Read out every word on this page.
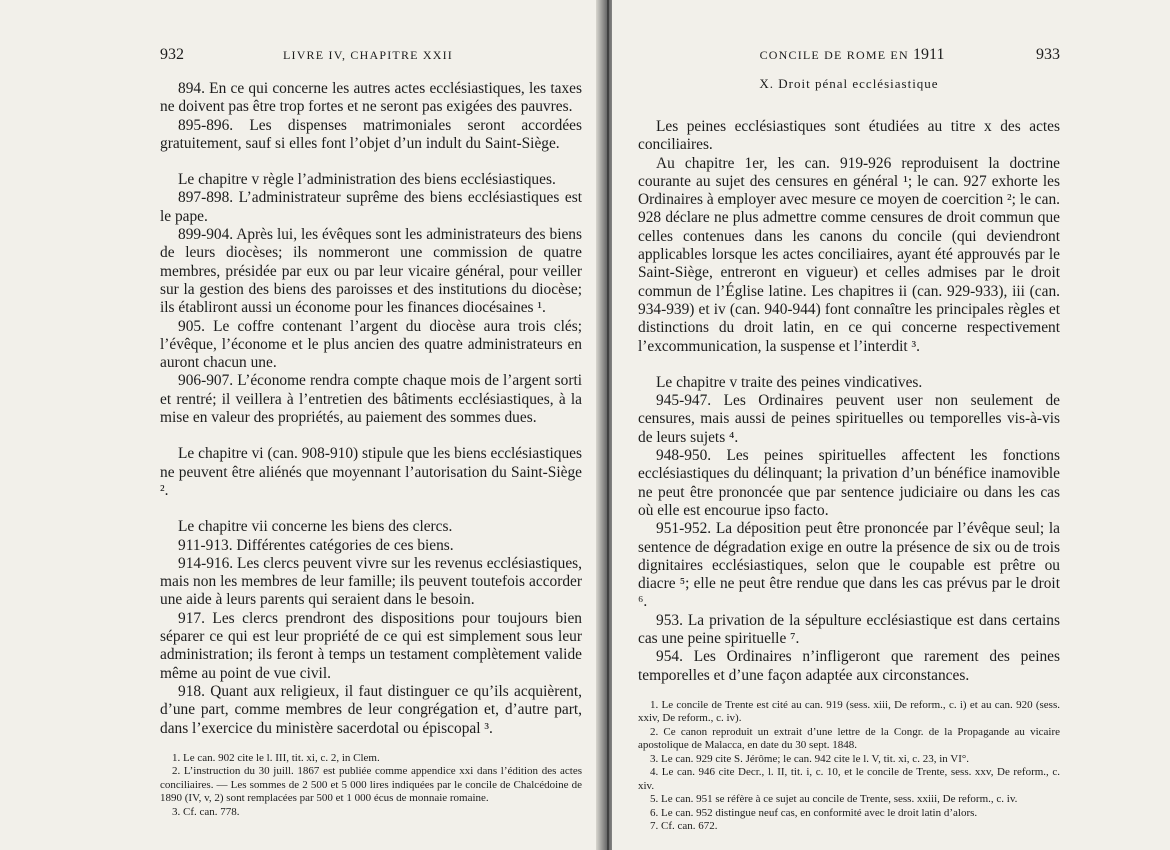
932	LIVRE IV, CHAPITRE XXII

894. En ce qui concerne les autres actes ecclésiastiques, les taxes ne doivent pas être trop fortes et ne seront pas exigées des pauvres.

895-896. Les dispenses matrimoniales seront accordées gratuitement, sauf si elles font l’objet d’un indult du Saint-Siège.

Le chapitre v règle l’administration des biens ecclésiastiques.

897-898. L’administrateur suprême des biens ecclésiastiques est le pape.

899-904. Après lui, les évêques sont les administrateurs des biens de leurs diocèses; ils nommeront une commission de quatre membres, présidée par eux ou par leur vicaire général, pour veiller sur la gestion des biens des paroisses et des institutions du diocèse; ils établiront aussi un économe pour les finances diocésaines ¹.

905. Le coffre contenant l’argent du diocèse aura trois clés; l’évêque, l’économe et le plus ancien des quatre administrateurs en auront chacun une.

906-907. L’économe rendra compte chaque mois de l’argent sorti et rentré; il veillera à l’entretien des bâtiments ecclésiastiques, à la mise en valeur des propriétés, au paiement des sommes dues.

Le chapitre vi (can. 908-910) stipule que les biens ecclésiastiques ne peuvent être aliénés que moyennant l’autorisation du Saint-Siège ².

Le chapitre vii concerne les biens des clercs.

911-913. Différentes catégories de ces biens.

914-916. Les clercs peuvent vivre sur les revenus ecclésiastiques, mais non les membres de leur famille; ils peuvent toutefois accorder une aide à leurs parents qui seraient dans le besoin.

917. Les clercs prendront des dispositions pour toujours bien séparer ce qui est leur propriété de ce qui est simplement sous leur administration; ils feront à temps un testament complètement valide même au point de vue civil.

918. Quant aux religieux, il faut distinguer ce qu’ils acquièrent, d’une part, comme membres de leur congrégation et, d’autre part, dans l’exercice du ministère sacerdotal ou épiscopal ³.

1. Le can. 902 cite le l. III, tit. xi, c. 2, in Clem.

2. L’instruction du 30 juill. 1867 est publiée comme appendice xxi dans l’édition des actes conciliaires. — Les sommes de 2 500 et 5 000 lires indiquées par le concile de Chalcédoine de 1890 (IV, v, 2) sont remplacées par 500 et 1 000 écus de monnaie romaine.

3. Cf. can. 778.

CONCILE DE ROME EN 1911	933
X. Droit pénal ecclésiastique

Les peines ecclésiastiques sont étudiées au titre x des actes conciliaires.

Au chapitre 1er, les can. 919-926 reproduisent la doctrine courante au sujet des censures en général ¹; le can. 927 exhorte les Ordinaires à employer avec mesure ce moyen de coercition ²; le can. 928 déclare ne plus admettre comme censures de droit commun que celles contenues dans les canons du concile (qui deviendront applicables lorsque les actes conciliaires, ayant été approuvés par le Saint-Siège, entreront en vigueur) et celles admises par le droit commun de l’Église latine. Les chapitres ii (can. 929-933), iii (can. 934-939) et iv (can. 940-944) font connaître les principales règles et distinctions du droit latin, en ce qui concerne respectivement l’excommunication, la suspense et l’interdit ³.

Le chapitre v traite des peines vindicatives.

945-947. Les Ordinaires peuvent user non seulement de censures, mais aussi de peines spirituelles ou temporelles vis-à-vis de leurs sujets ⁴.

948-950. Les peines spirituelles affectent les fonctions ecclésiastiques du délinquant; la privation d’un bénéfice inamovible ne peut être prononcée que par sentence judiciaire ou dans les cas où elle est encourue ipso facto.

951-952. La déposition peut être prononcée par l’évêque seul; la sentence de dégradation exige en outre la présence de six ou de trois dignitaires ecclésiastiques, selon que le coupable est prêtre ou diacre ⁵; elle ne peut être rendue que dans les cas prévus par le droit ⁶.

953. La privation de la sépulture ecclésiastique est dans certains cas une peine spirituelle ⁷.

954. Les Ordinaires n’infligeront que rarement des peines temporelles et d’une façon adaptée aux circonstances.

1. Le concile de Trente est cité au can. 919 (sess. xiii, De reform., c. i) et au can. 920 (sess. xxiv, De reform., c. iv).

2. Ce canon reproduit un extrait d’une lettre de la Congr. de la Propagande au vicaire apostolique de Malacca, en date du 30 sept. 1848.

3. Le can. 929 cite S. Jérôme; le can. 942 cite le l. V, tit. xi, c. 23, in VI°.

4. Le can. 946 cite Decr., l. II, tit. i, c. 10, et le concile de Trente, sess. xxv, De reform., c. xiv.

5. Le can. 951 se réfère à ce sujet au concile de Trente, sess. xxiii, De reform., c. iv.

6. Le can. 952 distingue neuf cas, en conformité avec le droit latin d’alors.

7. Cf. can. 672.
